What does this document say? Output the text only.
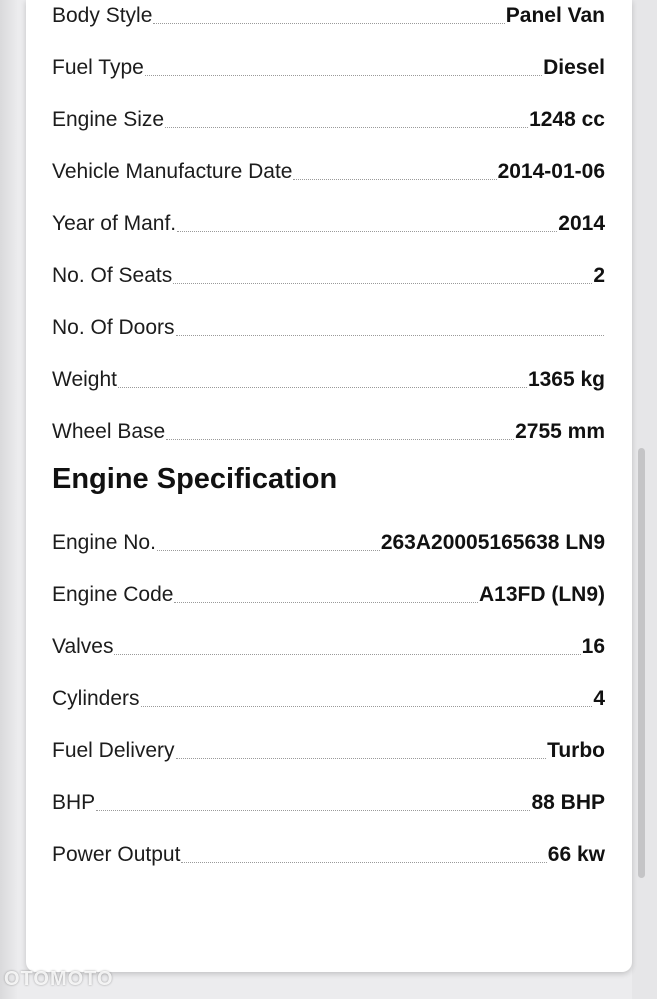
Body Style	Panel Van
Fuel Type	Diesel
Engine Size	1248 cc
Vehicle Manufacture Date	2014-01-06
Year of Manf.	2014
No. Of Seats	2
No. Of Doors
Weight	1365 kg
Wheel Base	2755 mm
Engine Specification
Engine No.	263A20005165638 LN9
Engine Code	A13FD (LN9)
Valves	16
Cylinders	4
Fuel Delivery	Turbo
BHP	88 BHP
Power Output	66 kw
OTOMOTO
